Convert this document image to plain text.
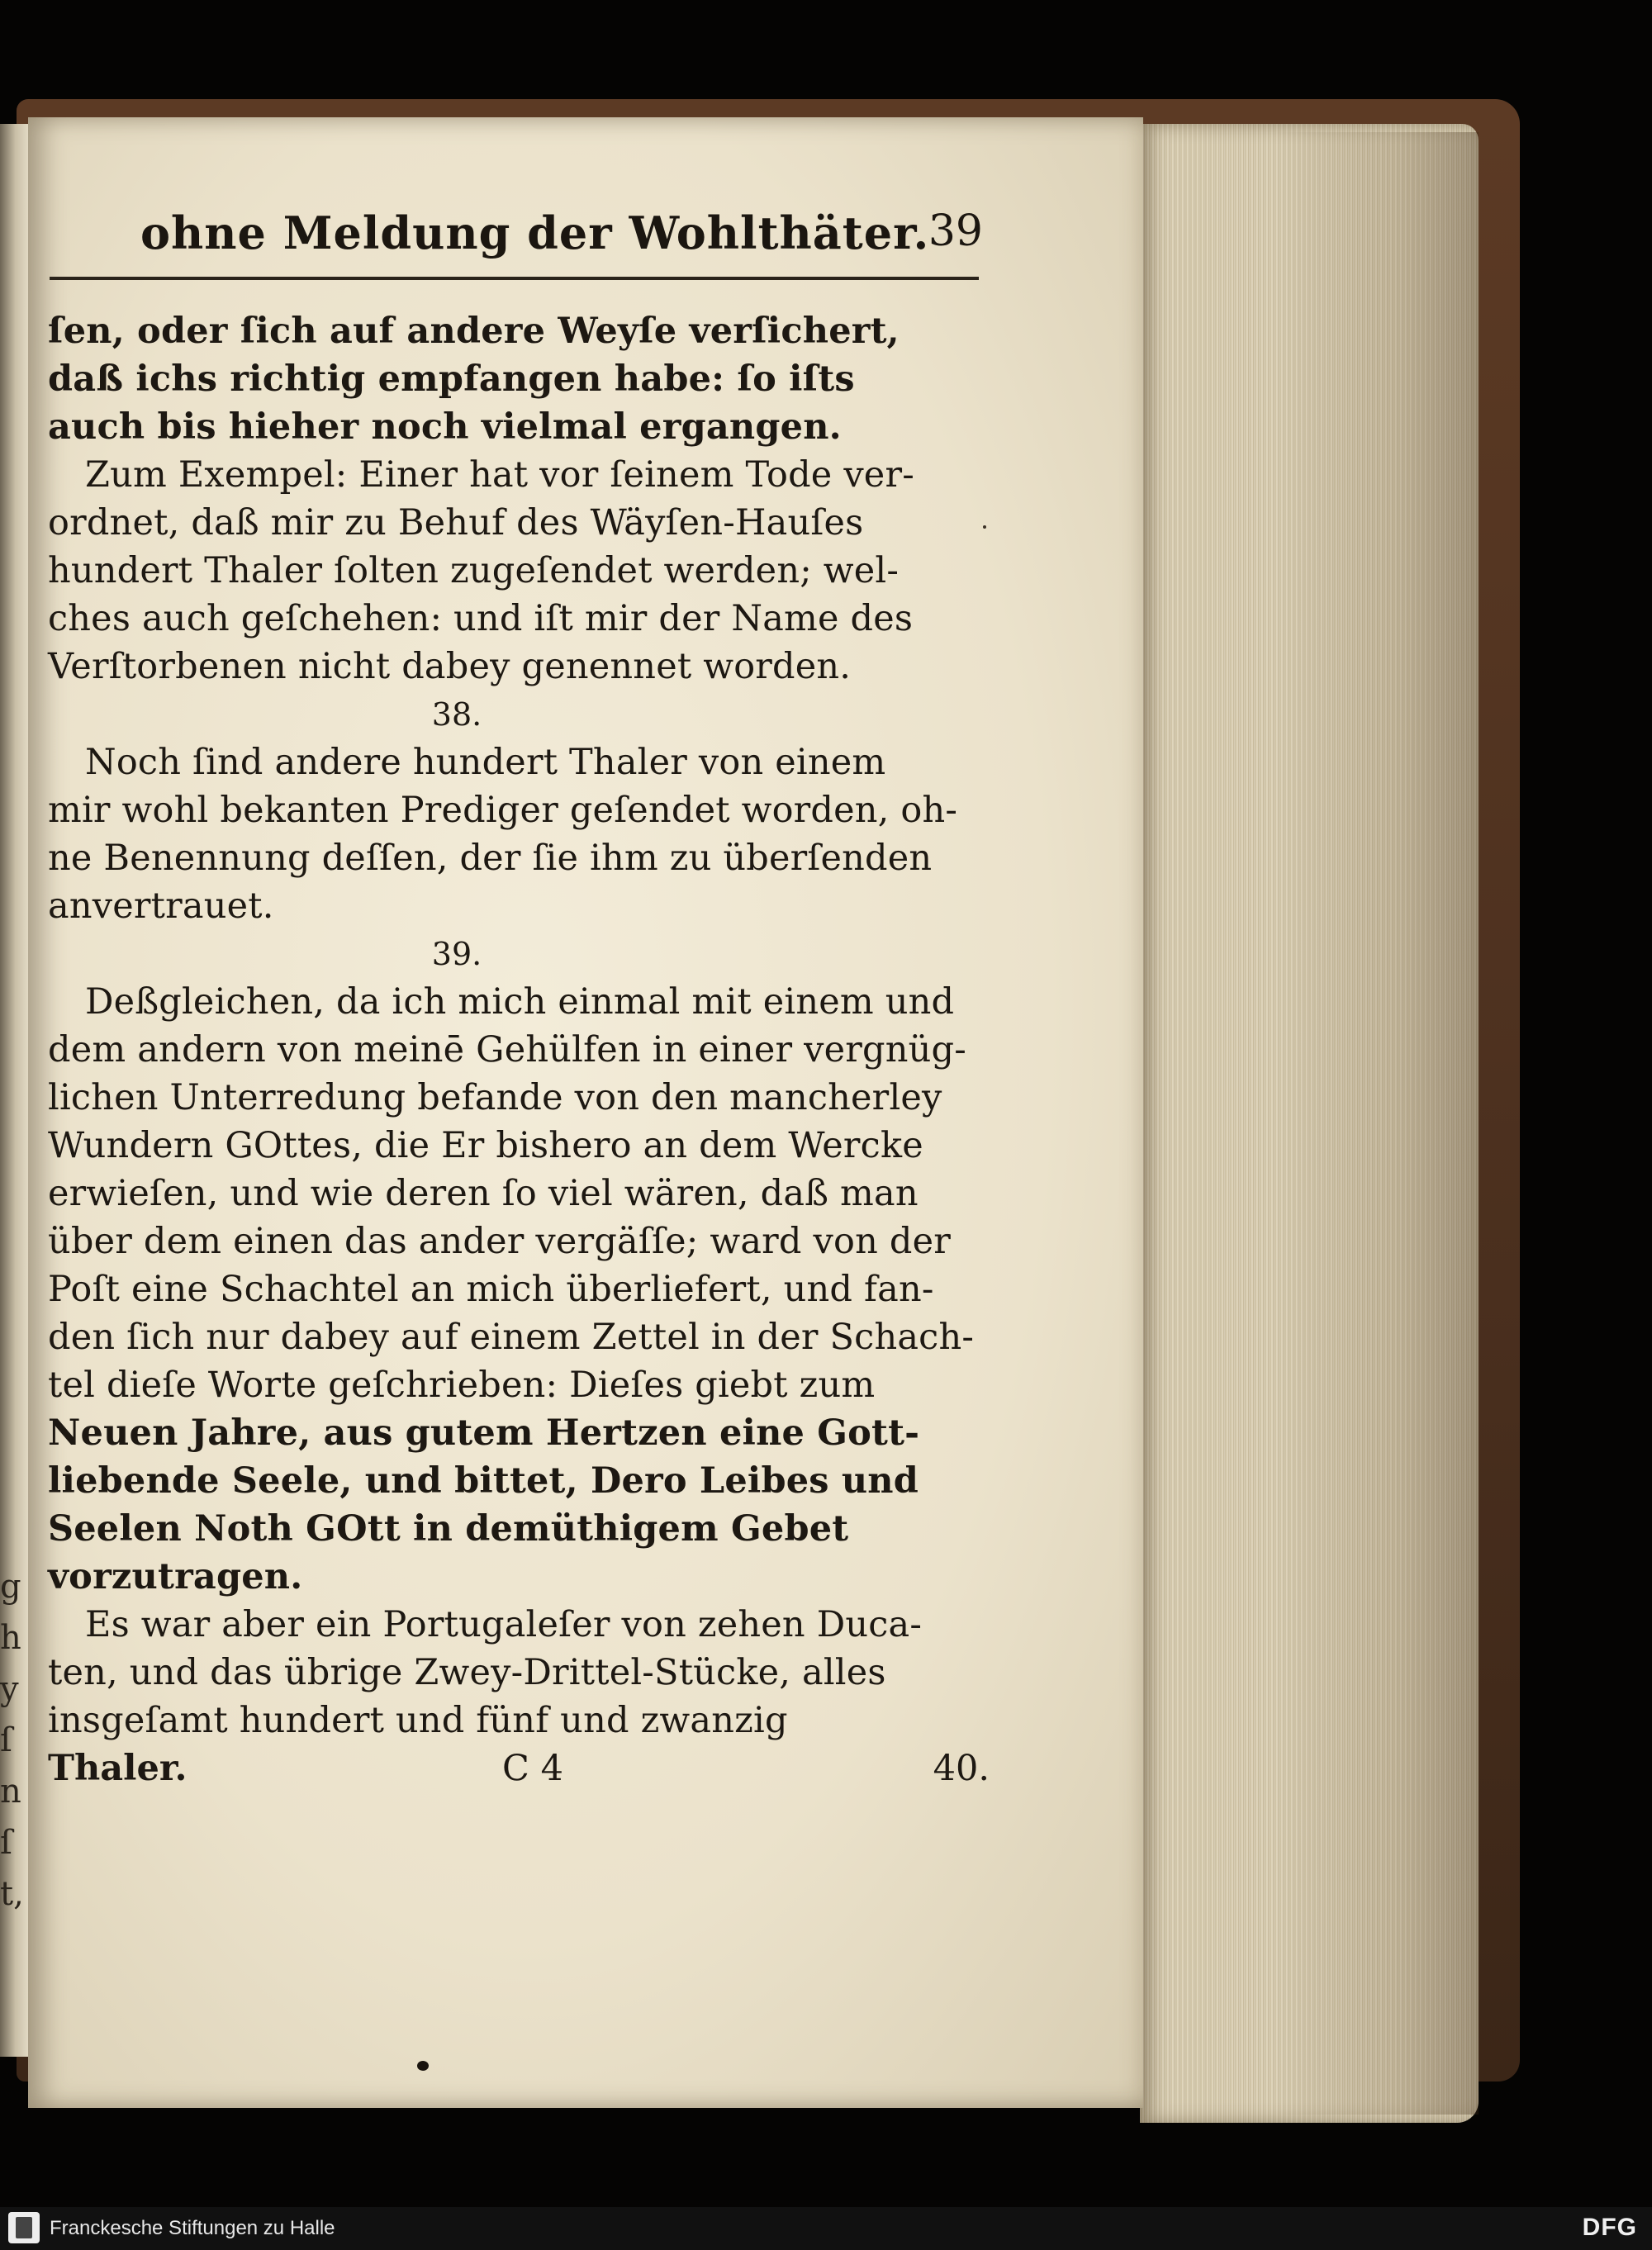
g
h
y
ſ
n
ſ
t,
ohne Meldung der Wohlthäter.
39
ſen, oder ſich auf andere Weyſe verſichert,
daß ichs richtig empfangen habe: ſo iſts
auch bis hieher noch vielmal ergangen.
Zum Exempel: Einer hat vor ſeinem Tode ver-
ordnet, daß mir zu Behuf des Wäyſen-Hauſes
hundert Thaler ſolten zugeſendet werden; wel-
ches auch geſchehen: und iſt mir der Name des
Verſtorbenen nicht dabey genennet worden.
38.
Noch ſind andere hundert Thaler von einem
mir wohl bekanten Prediger geſendet worden, oh-
ne Benennung deſſen, der ſie ihm zu überſenden
anvertrauet.
39.
Deßgleichen, da ich mich einmal mit einem und
dem andern von meinē Gehülfen in einer vergnüg-
lichen Unterredung befande von den mancherley
Wundern GOttes, die Er bishero an dem Wercke
erwieſen, und wie deren ſo viel wären, daß man
über dem einen das ander vergäſſe; ward von der
Poſt eine Schachtel an mich überliefert, und fan-
den ſich nur dabey auf einem Zettel in der Schach-
tel dieſe Worte geſchrieben: Dieſes giebt zum
Neuen Jahre, aus gutem Hertzen eine Gott-
liebende Seele, und bittet, Dero Leibes und
Seelen Noth GOtt in demüthigem Gebet
vorzutragen.
Es war aber ein Portugaleſer von zehen Duca-
ten, und das übrige Zwey-Drittel-Stücke, alles
insgeſamt hundert und fünf und zwanzig
Thaler.	C 4	40.
Franckesche Stiftungen zu Halle	DFG
